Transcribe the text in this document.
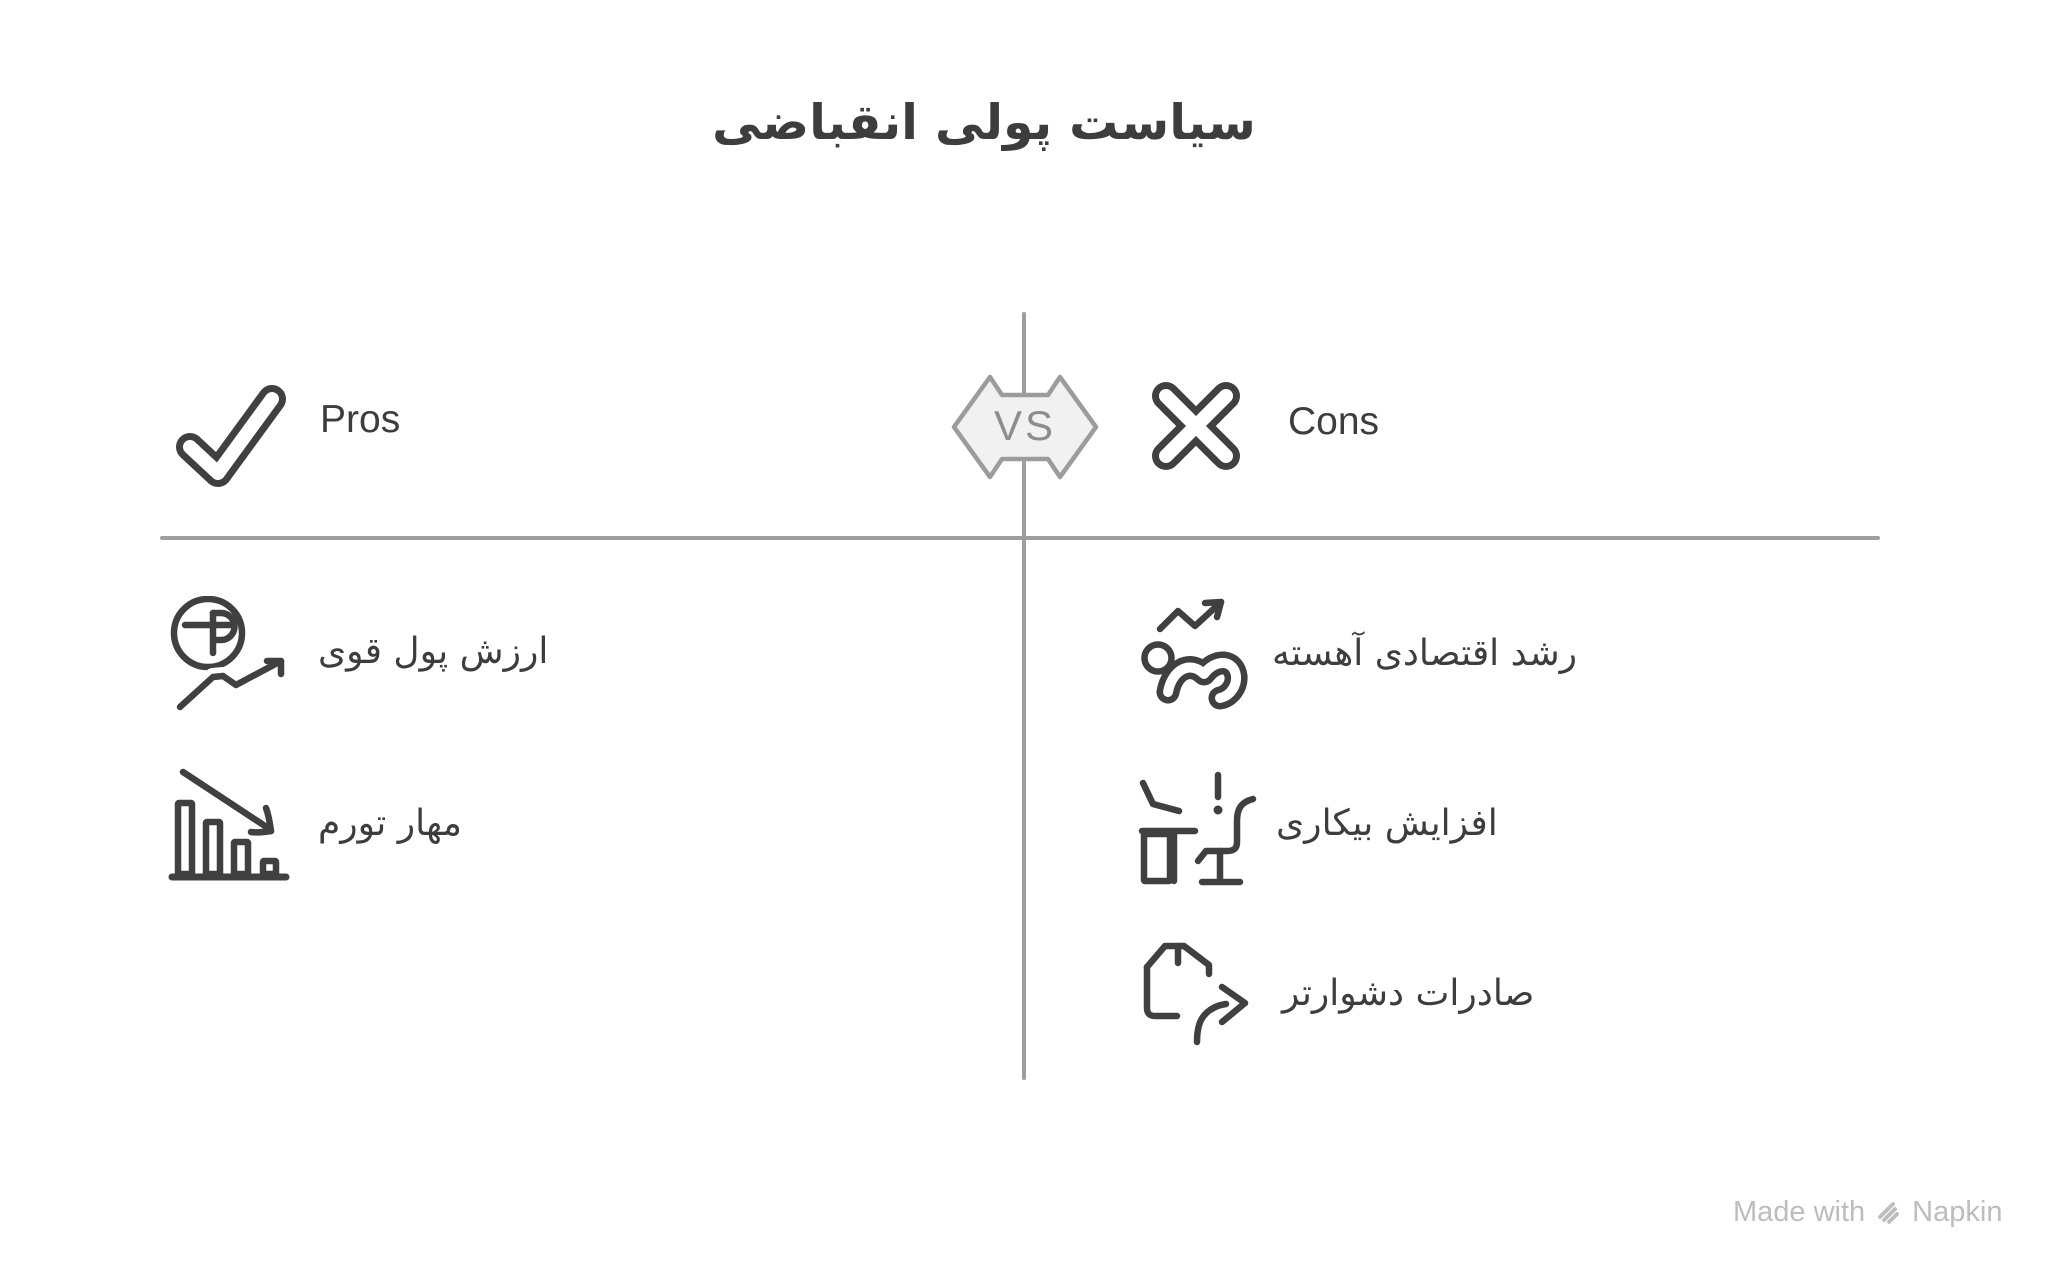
سیاست پولی انقباضی
VS
Pros	Cons
ارزش پول قوی
مهار تورم
رشد اقتصادی آهسته
افزایش بیکاری
صادرات دشوارتر
Made with Napkin
